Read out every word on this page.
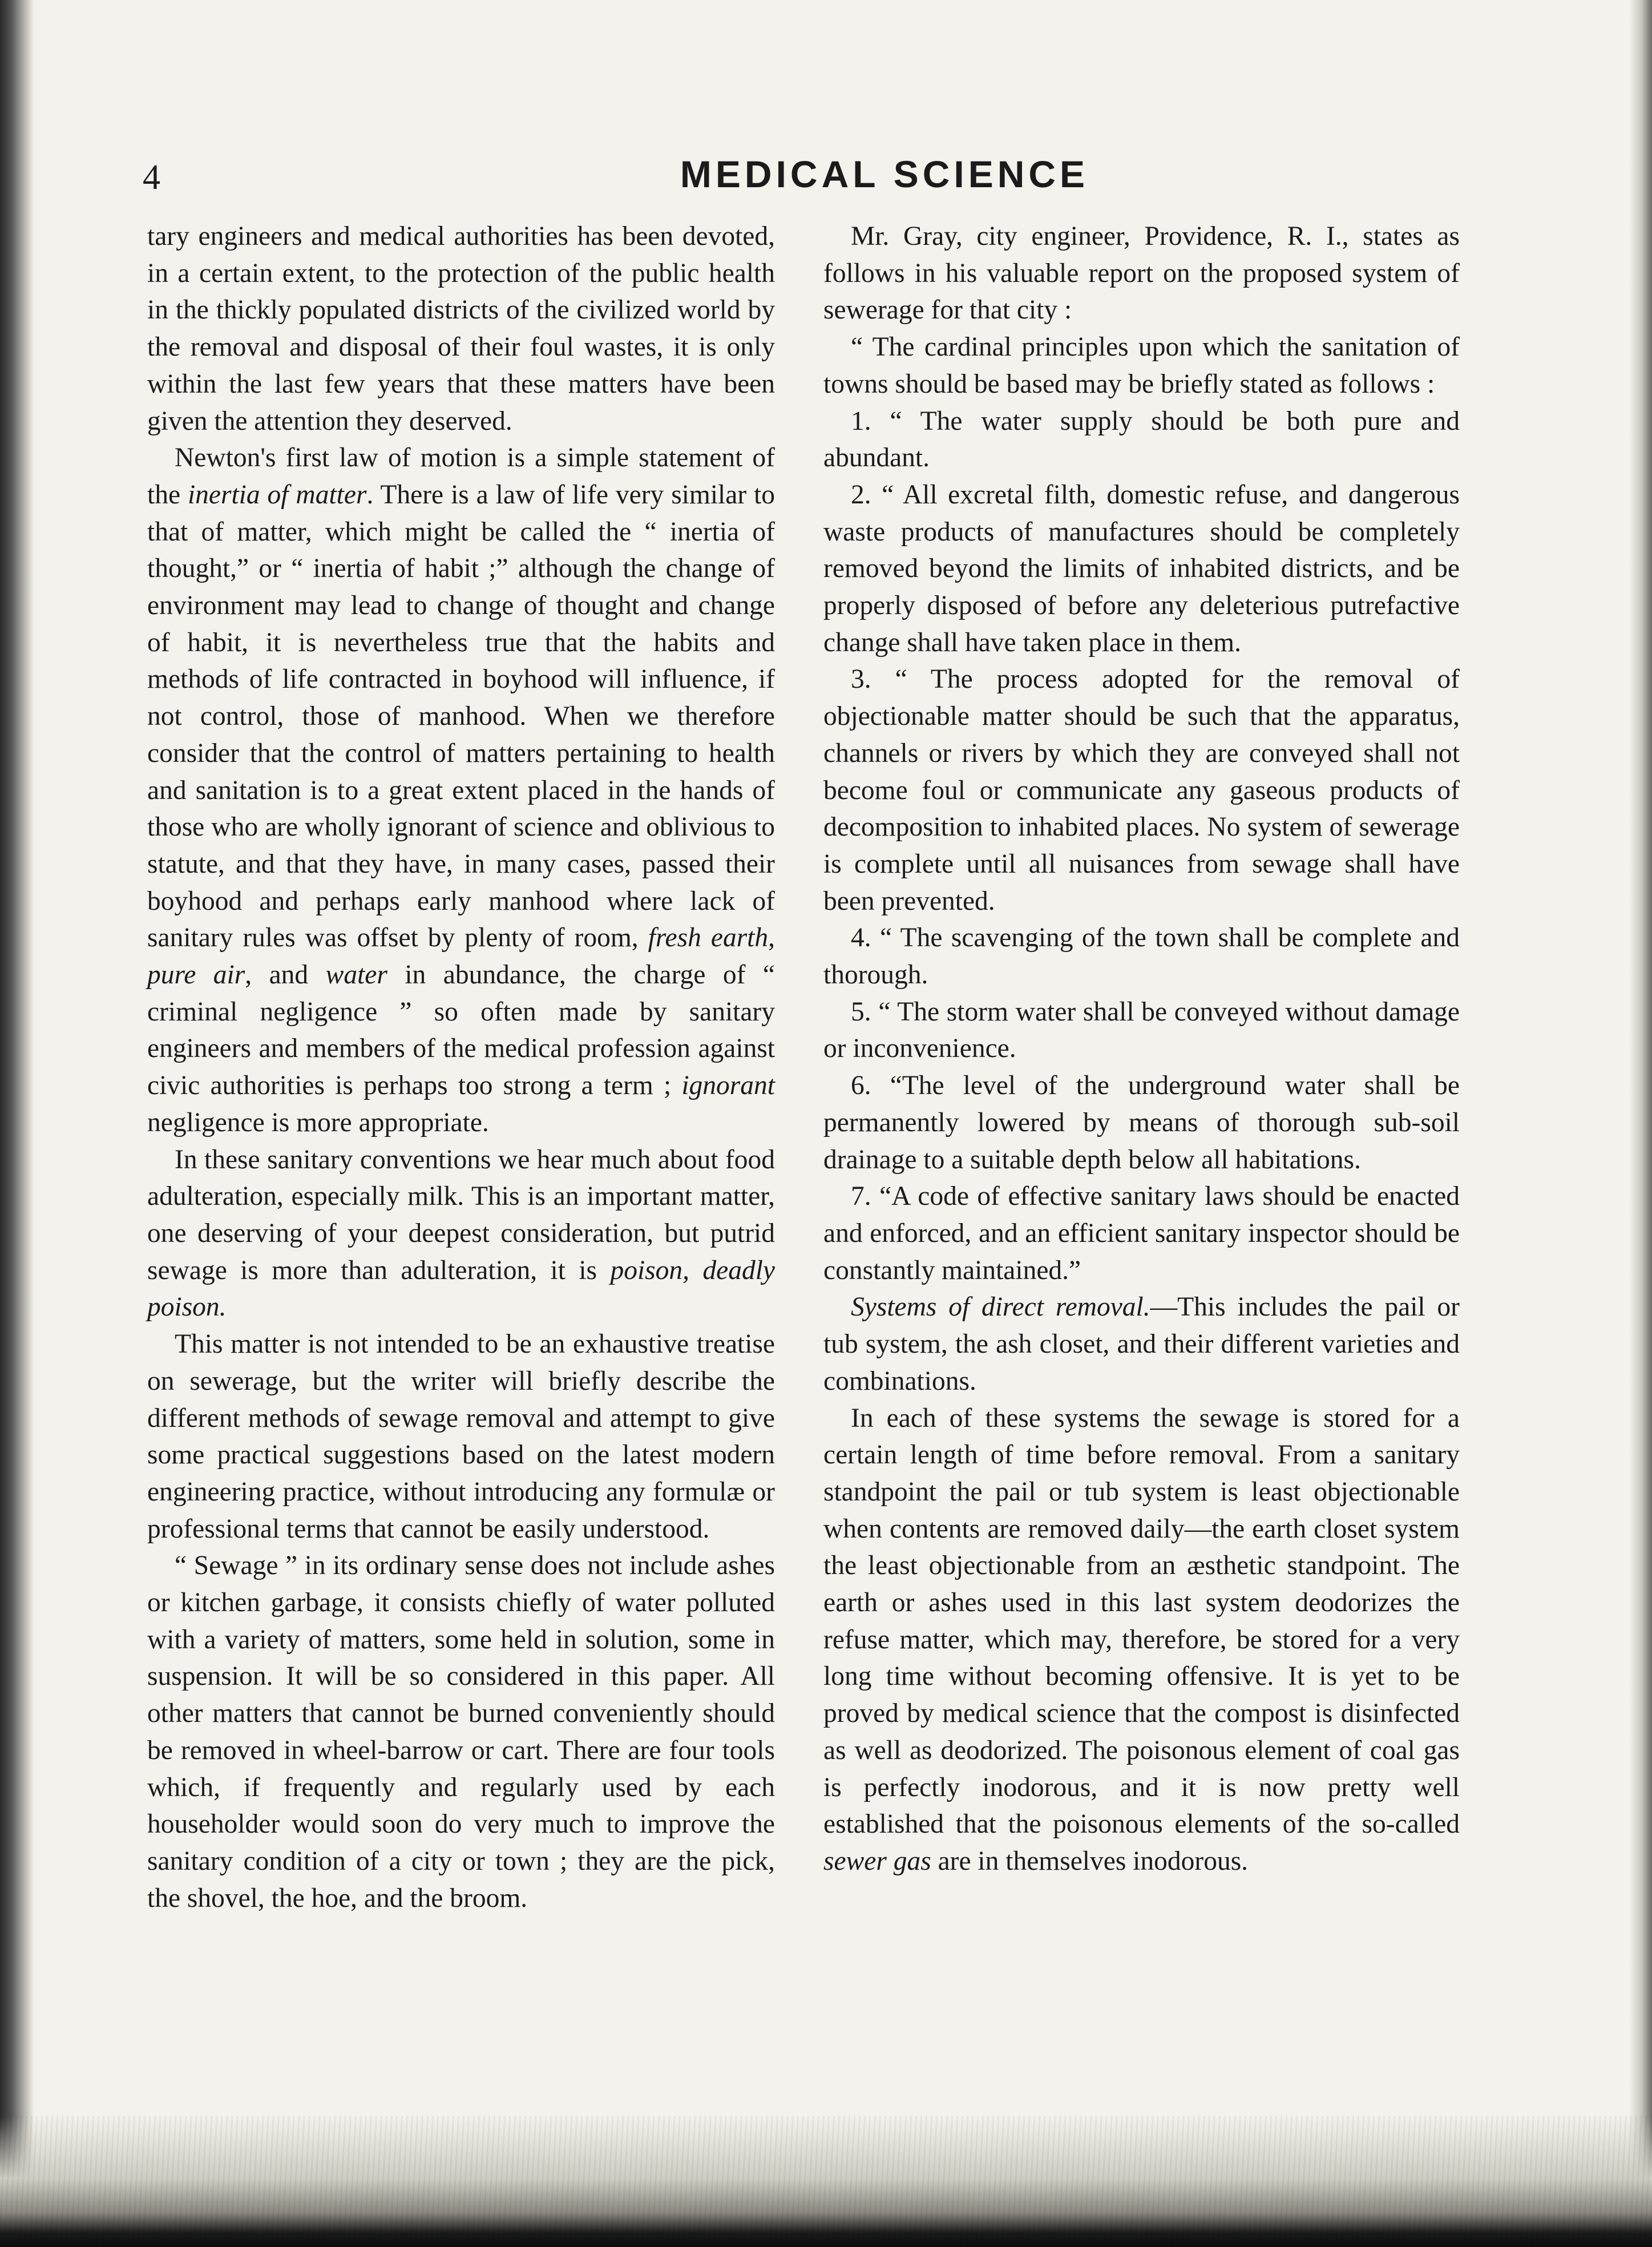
4	MEDICAL SCIENCE

tary engineers and medical authorities has been devoted, in a certain extent, to the protection of the public health in the thickly populated districts of the civilized world by the removal and disposal of their foul wastes, it is only within the last few years that these matters have been given the attention they deserved.

Newton's first law of motion is a simple statement of the inertia of matter. There is a law of life very similar to that of matter, which might be called the “ inertia of thought,” or “ inertia of habit ;” although the change of environment may lead to change of thought and change of habit, it is nevertheless true that the habits and methods of life contracted in boyhood will influence, if not control, those of manhood. When we therefore consider that the control of matters pertaining to health and sanitation is to a great extent placed in the hands of those who are wholly ignorant of science and oblivious to statute, and that they have, in many cases, passed their boyhood and perhaps early manhood where lack of sanitary rules was offset by plenty of room, fresh earth, pure air, and water in abundance, the charge of “ criminal negligence ” so often made by sanitary engineers and members of the medical profession against civic authorities is perhaps too strong a term ; ignorant negligence is more appropriate.

In these sanitary conventions we hear much about food adulteration, especially milk. This is an important matter, one deserving of your deepest consideration, but putrid sewage is more than adulteration, it is poison, deadly poison.

This matter is not intended to be an exhaustive treatise on sewerage, but the writer will briefly describe the different methods of sewage removal and attempt to give some practical suggestions based on the latest modern engineering practice, without introducing any formulæ or professional terms that cannot be easily understood.

“ Sewage ” in its ordinary sense does not include ashes or kitchen garbage, it consists chiefly of water polluted with a variety of matters, some held in solution, some in suspension. It will be so considered in this paper. All other matters that cannot be burned conveniently should be removed in wheel-barrow or cart. There are four tools which, if frequently and regularly used by each householder would soon do very much to improve the sanitary condition of a city or town ; they are the pick, the shovel, the hoe, and the broom.

Mr. Gray, city engineer, Providence, R. I., states as follows in his valuable report on the proposed system of sewerage for that city :

“ The cardinal principles upon which the sanitation of towns should be based may be briefly stated as follows :

1. “ The water supply should be both pure and abundant.

2. “ All excretal filth, domestic refuse, and dangerous waste products of manufactures should be completely removed beyond the limits of inhabited districts, and be properly disposed of before any deleterious putrefactive change shall have taken place in them.

3. “ The process adopted for the removal of objectionable matter should be such that the apparatus, channels or rivers by which they are conveyed shall not become foul or communicate any gaseous products of decomposition to inhabited places. No system of sewerage is complete until all nuisances from sewage shall have been prevented.

4. “ The scavenging of the town shall be complete and thorough.

5. “ The storm water shall be conveyed without damage or inconvenience.

6. “The level of the underground water shall be permanently lowered by means of thorough sub-soil drainage to a suitable depth below all habitations.

7. “A code of effective sanitary laws should be enacted and enforced, and an efficient sanitary inspector should be constantly maintained.”

Systems of direct removal.—This includes the pail or tub system, the ash closet, and their different varieties and combinations.

In each of these systems the sewage is stored for a certain length of time before removal. From a sanitary standpoint the pail or tub system is least objectionable when contents are removed daily—the earth closet system the least objectionable from an æsthetic standpoint. The earth or ashes used in this last system deodorizes the refuse matter, which may, therefore, be stored for a very long time without becoming offensive. It is yet to be proved by medical science that the compost is disinfected as well as deodorized. The poisonous element of coal gas is perfectly inodorous, and it is now pretty well established that the poisonous elements of the so-called sewer gas are in themselves inodorous.
